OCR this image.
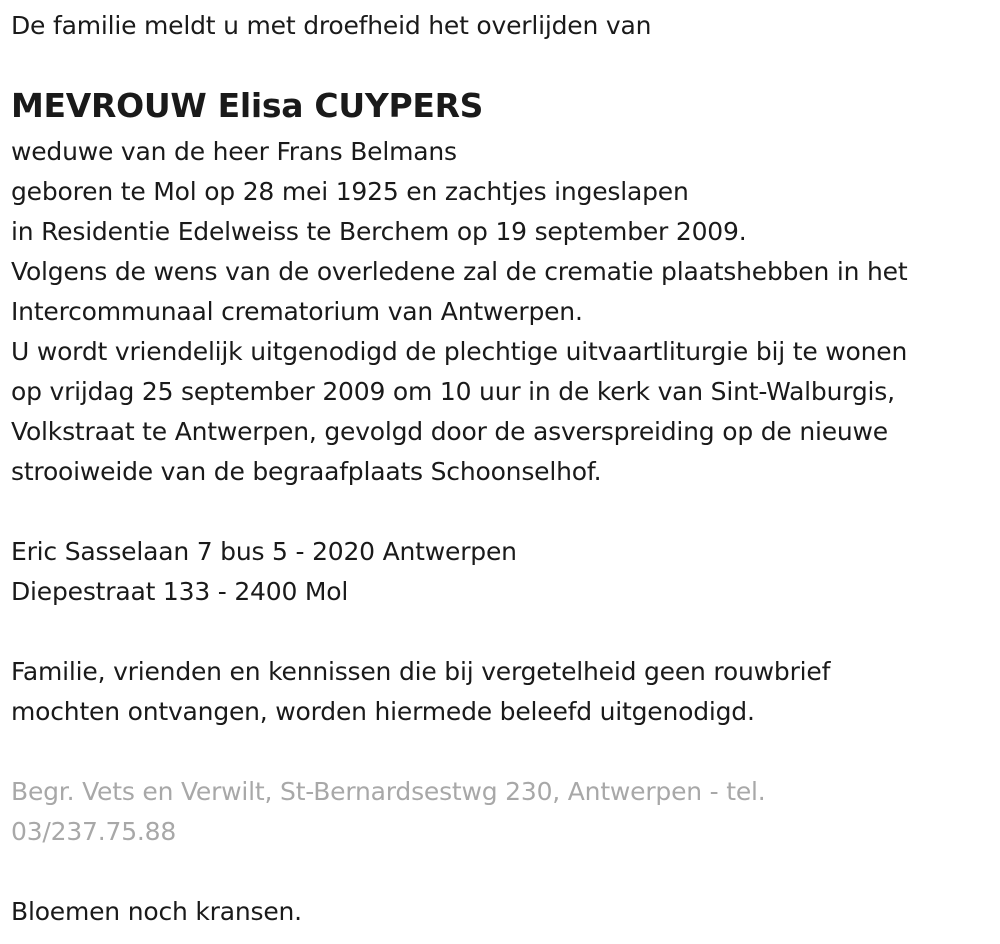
De familie meldt u met droefheid het overlijden van
MEVROUW Elisa CUYPERS
weduwe van de heer Frans Belmans
geboren te Mol op 28 mei 1925 en zachtjes ingeslapen
in Residentie Edelweiss te Berchem op 19 september 2009.
Volgens de wens van de overledene zal de crematie plaatshebben in het
Intercommunaal crematorium van Antwerpen.
U wordt vriendelijk uitgenodigd de plechtige uitvaartliturgie bij te wonen
op vrijdag 25 september 2009 om 10 uur in de kerk van Sint-Walburgis,
Volkstraat te Antwerpen, gevolgd door de asverspreiding op de nieuwe
strooiweide van de begraafplaats Schoonselhof.
Eric Sasselaan 7 bus 5 - 2020 Antwerpen
Diepestraat 133 - 2400 Mol
Familie, vrienden en kennissen die bij vergetelheid geen rouwbrief
mochten ontvangen, worden hiermede beleefd uitgenodigd.
Begr. Vets en Verwilt, St-Bernardsestwg 230, Antwerpen - tel.
03/237.75.88
Bloemen noch kransen.
